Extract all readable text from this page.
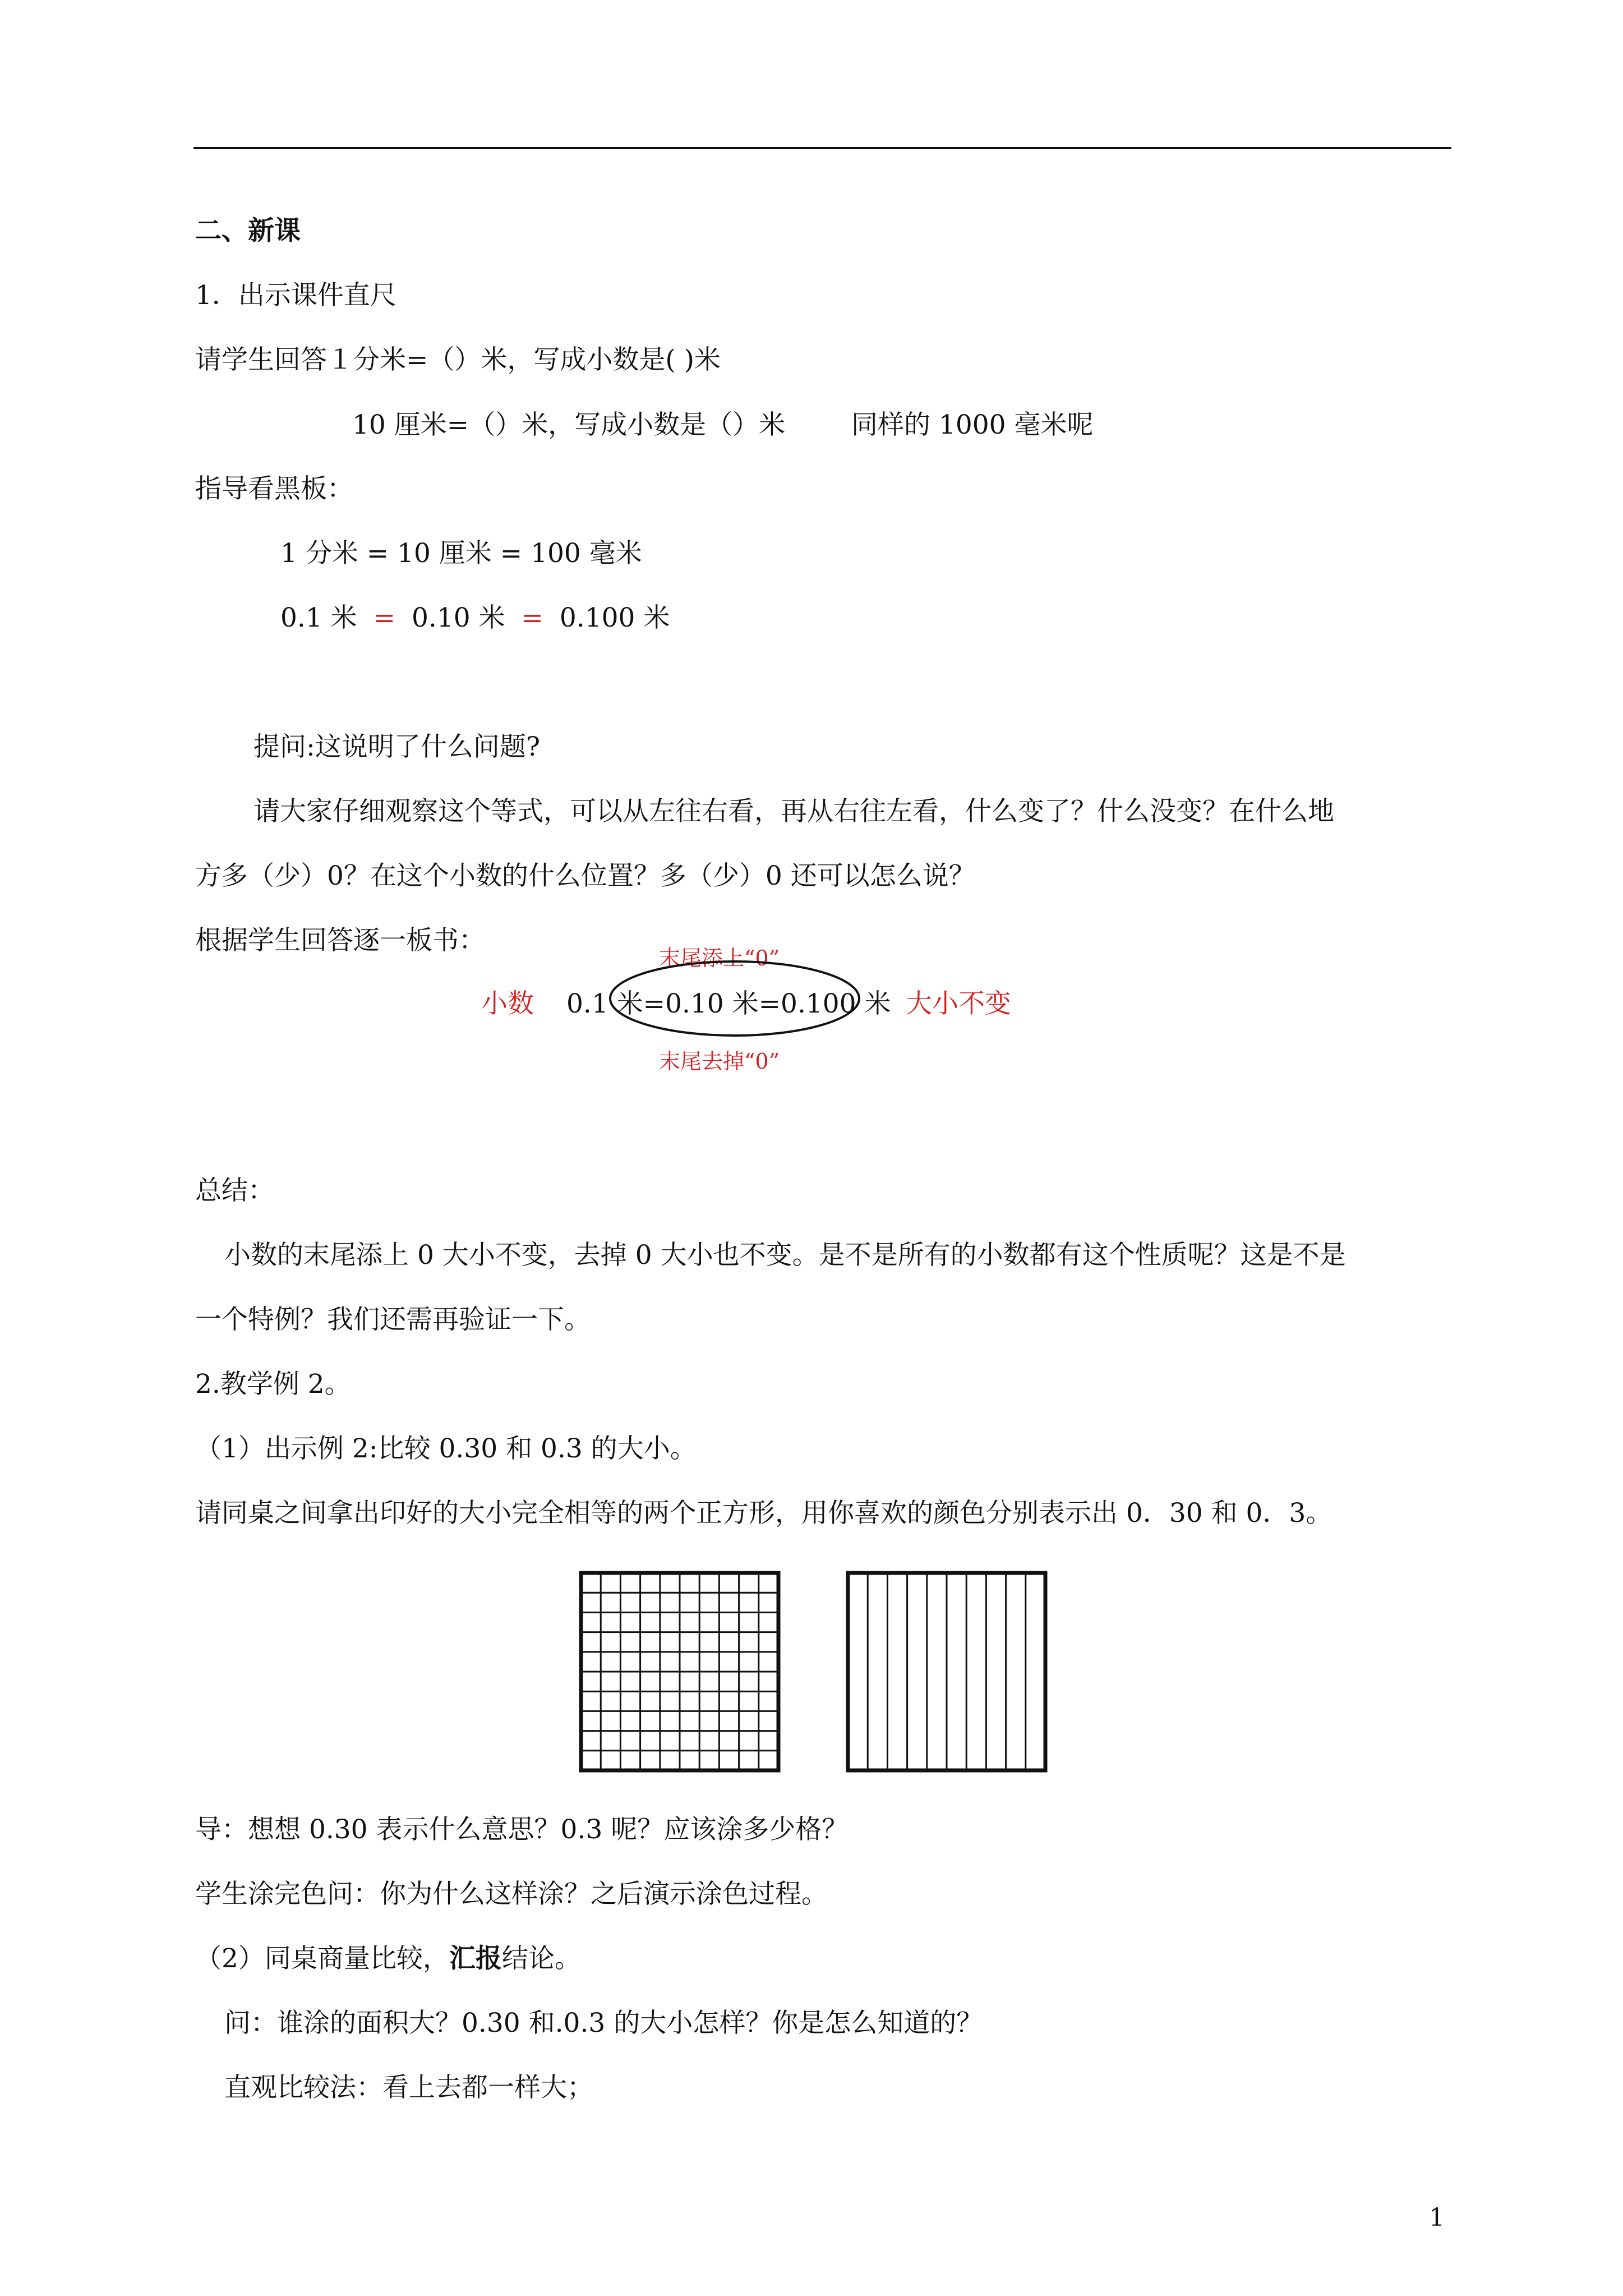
二、新课
1．出示课件直尺
请学生回答１分米=（）米，写成小数是( )米
10 厘米=（）米，写成小数是（）米	同样的 1000 毫米呢
指导看黑板：
1 分米 = 10 厘米 = 100 毫米
0.1 米 = 0.10 米 = 0.100 米
提问:这说明了什么问题?
请大家仔细观察这个等式，可以从左往右看，再从右往左看，什么变了？什么没变？在什么地
方多（少）0？在这个小数的什么位置？多（少）0 还可以怎么说？
根据学生回答逐一板书：
末尾添上“0”
小数 0.1 米=0.10 米=0.100 米 大小不变
末尾去掉“0”
总结：
小数的末尾添上 0 大小不变，去掉 0 大小也不变。是不是所有的小数都有这个性质呢？这是不是
一个特例？我们还需再验证一下。
2.教学例 2。
（1）出示例 2:比较 0.30 和 0.3 的大小。
请同桌之间拿出印好的大小完全相等的两个正方形，用你喜欢的颜色分别表示出 0．30 和 0．3。
导：想想 0.30 表示什么意思？0.3 呢？应该涂多少格？
学生涂完色问：你为什么这样涂？之后演示涂色过程。
（2）同桌商量比较，汇报结论。
问：谁涂的面积大？0.30 和.0.3 的大小怎样？你是怎么知道的？
直观比较法：看上去都一样大；
1
